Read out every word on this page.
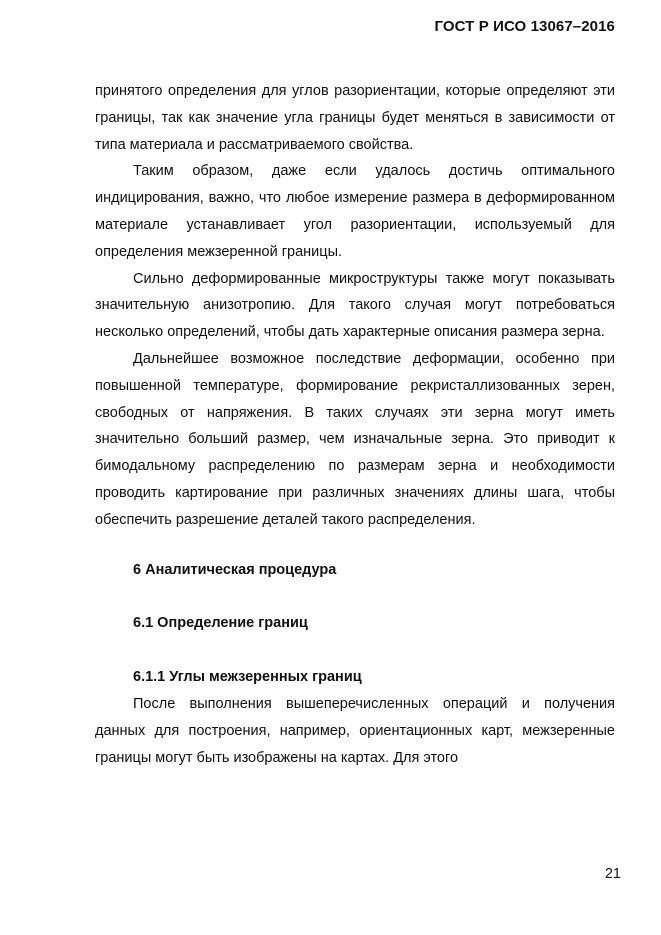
ГОСТ Р ИСО 13067–2016

принятого определения для углов разориентации, которые определяют эти границы, так как значение угла границы будет меняться в зависимости от типа материала и рассматриваемого свойства.

Таким образом, даже если удалось достичь оптимального индицирования, важно, что любое измерение размера в деформированном материале устанавливает угол разориентации, используемый для определения межзеренной границы.

Сильно деформированные микроструктуры также могут показывать значительную анизотропию. Для такого случая могут потребоваться несколько определений, чтобы дать характерные описания размера зерна.

Дальнейшее возможное последствие деформации, особенно при повышенной температуре, формирование рекристаллизованных зерен, свободных от напряжения. В таких случаях эти зерна могут иметь значительно больший размер, чем изначальные зерна. Это приводит к бимодальному распределению по размерам зерна и необходимости проводить картирование при различных значениях длины шага, чтобы обеспечить разрешение деталей такого распределения.

6 Аналитическая процедура

6.1 Определение границ

6.1.1 Углы межзеренных границ

После выполнения вышеперечисленных операций и получения данных для построения, например, ориентационных карт, межзеренные границы могут быть изображены на картах. Для этого

21
